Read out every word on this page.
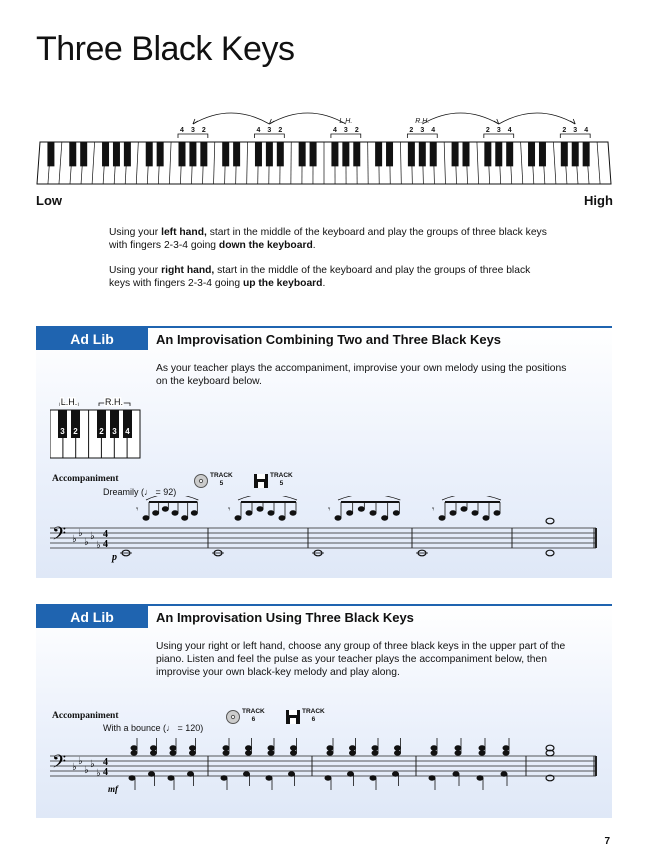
Three Black Keys
4 3 2	4 3 2	4 3 2
L.H.
2 3 4
R.H.
2 3 4	2 3 4
Low	High
Using your left hand, start in the middle of the keyboard and play the groups of three black keys with fingers 2-3-4 going down the keyboard.
Using your right hand, start in the middle of the keyboard and play the groups of three black keys with fingers 2-3-4 going up the keyboard.
Ad Lib	An Improvisation Combining Two and Three Black Keys
As your teacher plays the accompaniment, improvise your own melody using the positions on the keyboard below.
L.H.	R.H.
3 2	2 3 4
Accompaniment
Dreamily (♩ = 92)
TRACK
5
TRACK
5
𝄢 ♭
♭
♭
♭
♭
4
4
𝄾	𝄾	𝄾	𝄾
p
Ad Lib	An Improvisation Using Three Black Keys
Using your right or left hand, choose any group of three black keys in the upper part of the piano. Listen and feel the pulse as your teacher plays the accompaniment below, then improvise your own black-key melody and play along.
Accompaniment
With a bounce (♩ = 120)
TRACK
6
TRACK
6
𝄢 ♭
♭
♭
♭
♭
4
4
mf
7
